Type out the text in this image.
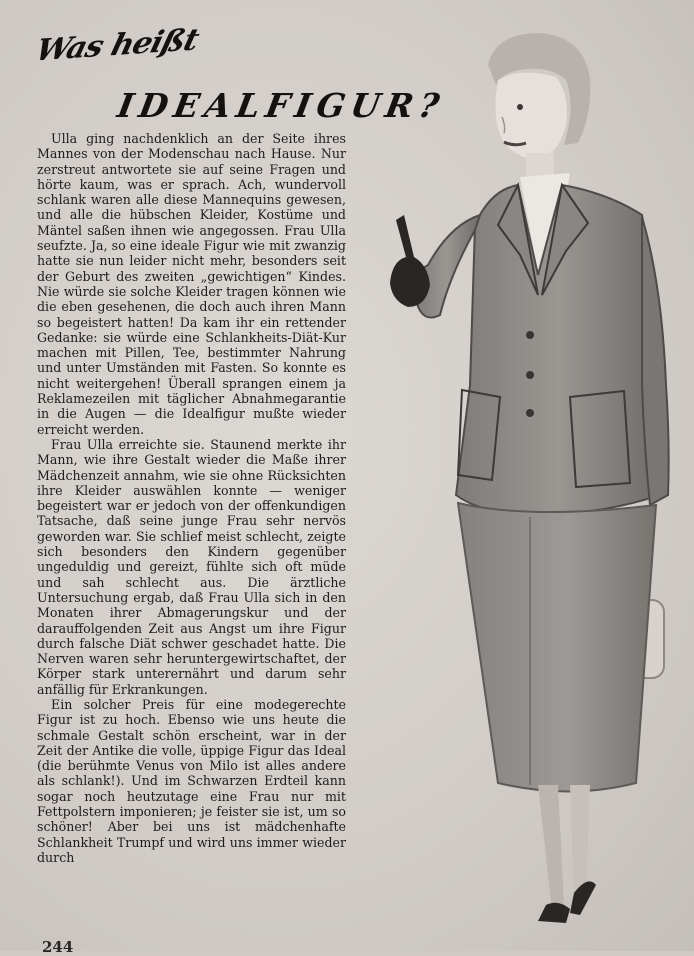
Was heißt
IDEALFIGUR?

Ulla ging nachdenklich an der Seite ihres Mannes von der Modenschau nach Hause. Nur zerstreut antwortete sie auf seine Fragen und hörte kaum, was er sprach. Ach, wundervoll schlank waren alle diese Mannequins gewesen, und alle die hübschen Kleider, Kostüme und Mäntel saßen ihnen wie angegossen. Frau Ulla seufzte. Ja, so eine ideale Figur wie mit zwanzig hatte sie nun leider nicht mehr, besonders seit der Geburt des zweiten „gewichtigen“ Kindes. Nie würde sie solche Kleider tragen können wie die eben gesehenen, die doch auch ihren Mann so begeistert hatten! Da kam ihr ein rettender Gedanke: sie würde eine Schlankheits-Diät-Kur machen mit Pillen, Tee, bestimmter Nahrung und unter Umständen mit Fasten. So konnte es nicht weitergehen! Überall sprangen einem ja Reklamezeilen mit täglicher Abnahmegarantie in die Augen — die Idealfigur mußte wieder erreicht werden.

Frau Ulla erreichte sie. Staunend merkte ihr Mann, wie ihre Gestalt wieder die Maße ihrer Mädchenzeit annahm, wie sie ohne Rücksichten ihre Kleider auswählen konnte — weniger begeistert war er jedoch von der offenkundigen Tatsache, daß seine junge Frau sehr nervös geworden war. Sie schlief meist schlecht, zeigte sich besonders den Kindern gegenüber ungeduldig und gereizt, fühlte sich oft müde und sah schlecht aus. Die ärztliche Untersuchung ergab, daß Frau Ulla sich in den Monaten ihrer Abmagerungskur und der darauffolgenden Zeit aus Angst um ihre Figur durch falsche Diät schwer geschadet hatte. Die Nerven waren sehr heruntergewirtschaftet, der Körper stark unterernährt und darum sehr anfällig für Erkrankungen.

Ein solcher Preis für eine modegerechte Figur ist zu hoch. Ebenso wie uns heute die schmale Gestalt schön erscheint, war in der Zeit der Antike die volle, üppige Figur das Ideal (die berühmte Venus von Milo ist alles andere als schlank!). Und im Schwarzen Erdteil kann sogar noch heutzutage eine Frau nur mit Fettpolstern imponieren; je feister sie ist, um so schöner! Aber bei uns ist mädchenhafte Schlankheit Trumpf und wird uns immer wieder durch

244
